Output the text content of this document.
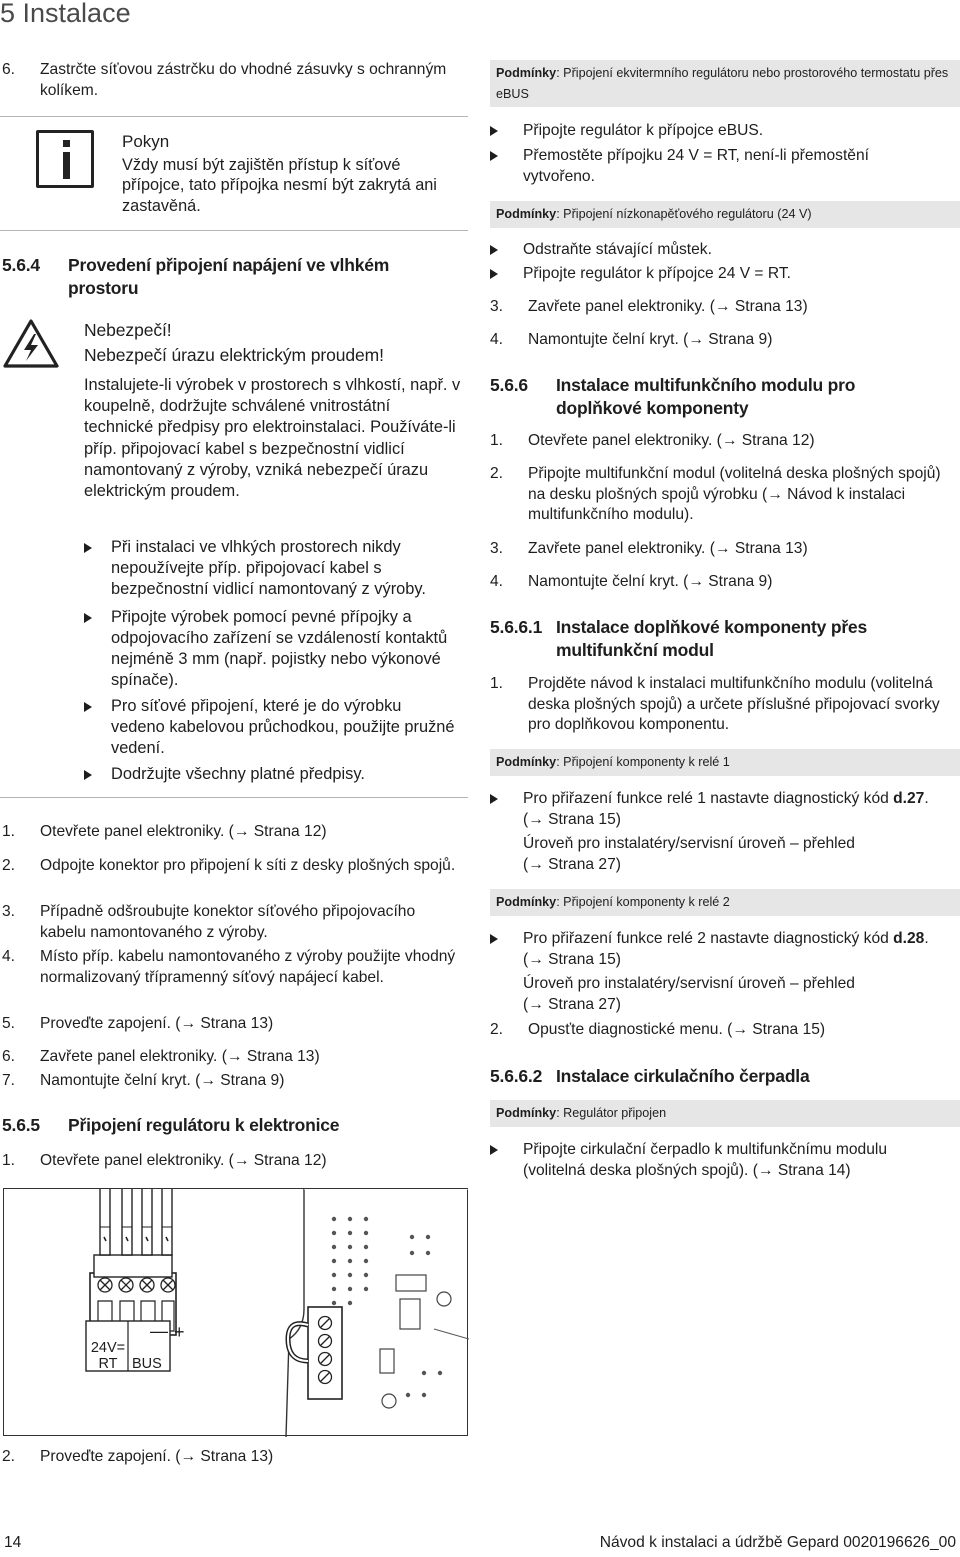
5 Instalace
6.	Zastrčte síťovou zástrčku do vhodné zásuvky s ochranným kolíkem.
Pokyn
Vždy musí být zajištěn přístup k síťové přípojce, tato přípojka nesmí být zakrytá ani zastavěná.
5.6.4	Provedení připojení napájení ve vlhkém prostoru
Nebezpečí!
Nebezpečí úrazu elektrickým proudem!
Instalujete-li výrobek v prostorech s vlhkostí, např. v koupelně, dodržujte schválené vnitrostátní technické předpisy pro elektroinstalaci. Používáte-li příp. připojovací kabel s bezpečnostní vidlicí namontovaný z výroby, vzniká nebezpečí úrazu elektrickým proudem.
Při instalaci ve vlhkých prostorech nikdy nepoužívejte příp. připojovací kabel s bezpečnostní vidlicí namontovaný z výroby.
Připojte výrobek pomocí pevné přípojky a odpojovacího zařízení se vzdáleností kontaktů nejméně 3 mm (např. pojistky nebo výkonové spínače).
Pro síťové připojení, které je do výrobku vedeno kabelovou průchodkou, použijte pružné vedení.
Dodržujte všechny platné předpisy.
1.	Otevřete panel elektroniky. (→ Strana 12)
2.	Odpojte konektor pro připojení k síti z desky plošných spojů.
3.	Případně odšroubujte konektor síťového připojovacího kabelu namontovaného z výroby.
4.	Místo příp. kabelu namontovaného z výroby použijte vhodný normalizovaný třípramenný síťový napájecí kabel.
5.	Proveďte zapojení. (→ Strana 13)
6.	Zavřete panel elektroniky. (→ Strana 13)
7.	Namontujte čelní kryt. (→ Strana 9)
5.6.5	Připojení regulátoru k elektronice
1.	Otevřete panel elektroniky. (→ Strana 12)
24V=
RT
— +
BUS
2.	Proveďte zapojení. (→ Strana 13)
Podmínky: Připojení ekvitermního regulátoru nebo prostorového termostatu přes eBUS
Připojte regulátor k přípojce eBUS.
Přemostěte přípojku 24 V = RT, není-li přemostění vytvořeno.
Podmínky: Připojení nízkonapěťového regulátoru (24 V)
Odstraňte stávající můstek.
Připojte regulátor k přípojce 24 V = RT.
3.	Zavřete panel elektroniky. (→ Strana 13)
4.	Namontujte čelní kryt. (→ Strana 9)
5.6.6	Instalace multifunkčního modulu pro doplňkové komponenty
1.	Otevřete panel elektroniky. (→ Strana 12)
2.	Připojte multifunkční modul (volitelná deska plošných spojů) na desku plošných spojů výrobku (→ Návod k instalaci multifunkčního modulu).
3.	Zavřete panel elektroniky. (→ Strana 13)
4.	Namontujte čelní kryt. (→ Strana 9)
5.6.6.1 Instalace doplňkové komponenty přes multifunkční modul
1.	Projděte návod k instalaci multifunkčního modulu (volitelná deska plošných spojů) a určete příslušné připojovací svorky pro doplňkovou komponentu.
Podmínky: Připojení komponenty k relé 1
Pro přiřazení funkce relé 1 nastavte diagnostický kód d.27. (→ Strana 15)
Úroveň pro instalatéry/servisní úroveň – přehled
(→ Strana 27)
Podmínky: Připojení komponenty k relé 2
Pro přiřazení funkce relé 2 nastavte diagnostický kód d.28. (→ Strana 15)
Úroveň pro instalatéry/servisní úroveň – přehled
(→ Strana 27)
2.	Opusťte diagnostické menu. (→ Strana 15)
5.6.6.2 Instalace cirkulačního čerpadla
Podmínky: Regulátor připojen
Připojte cirkulační čerpadlo k multifunkčnímu modulu (volitelná deska plošných spojů). (→ Strana 14)
14	Návod k instalaci a údržbě Gepard 0020196626_00
